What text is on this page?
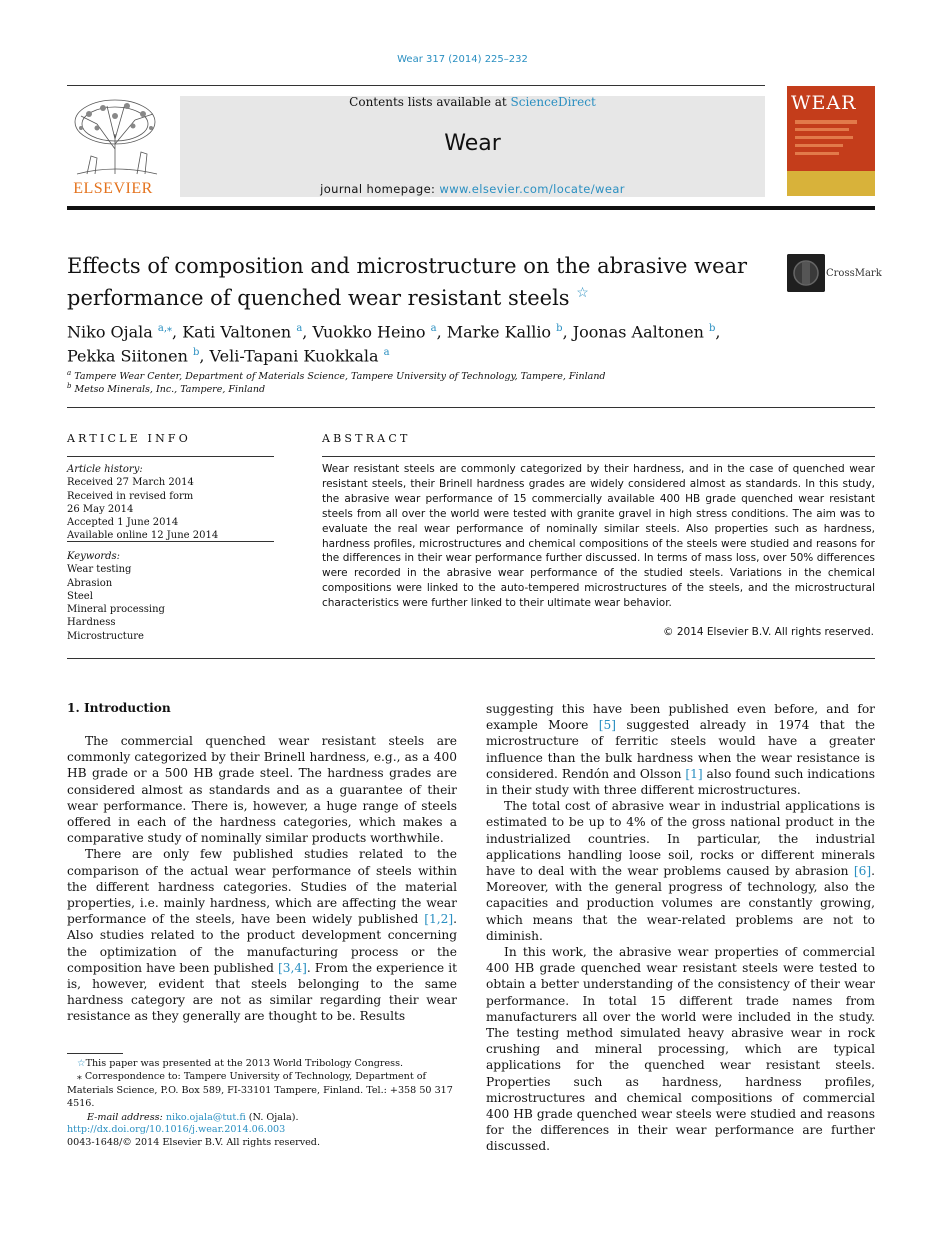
Wear 317 (2014) 225–232
ELSEVIER
Contents lists available at ScienceDirect
Wear
journal homepage: www.elsevier.com/locate/wear
WEAR
Effects of composition and microstructure on the abrasive wear performance of quenched wear resistant steels ☆
CrossMark
Niko Ojala $^{a,⁎}$, Kati Valtonen $^a$, Vuokko Heino $^a$, Marke Kallio $^b$, Joonas Aaltonen $^b$,
Pekka Siitonen $^b$, Veli-Tapani Kuokkala $^a$
$^a$ Tampere Wear Center, Department of Materials Science, Tampere University of Technology, Tampere, Finland
$^b$ Metso Minerals, Inc., Tampere, Finland
ARTICLE INFO	ABSTRACT
Article history:
Received 27 March 2014
Received in revised form
26 May 2014
Accepted 1 June 2014
Available online 12 June 2014
Keywords:
Wear testing
Abrasion
Steel
Mineral processing
Hardness
Microstructure
Wear resistant steels are commonly categorized by their hardness, and in the case of quenched wear resistant steels, their Brinell hardness grades are widely considered almost as standards. In this study, the abrasive wear performance of 15 commercially available 400 HB grade quenched wear resistant steels from all over the world were tested with granite gravel in high stress conditions. The aim was to evaluate the real wear performance of nominally similar steels. Also properties such as hardness, hardness profiles, microstructures and chemical compositions of the steels were studied and reasons for the differences in their wear performance further discussed. In terms of mass loss, over 50% differences were recorded in the abrasive wear performance of the studied steels. Variations in the chemical compositions were linked to the auto-tempered microstructures of the steels, and the microstructural characteristics were further linked to their ultimate wear behavior.
© 2014 Elsevier B.V. All rights reserved.
1. Introduction

The commercial quenched wear resistant steels are commonly categorized by their Brinell hardness, e.g., as a 400 HB grade or a 500 HB grade steel. The hardness grades are considered almost as standards and as a guarantee of their wear performance. There is, however, a huge range of steels offered in each of the hardness categories, which makes a comparative study of nominally similar products worthwhile.

There are only few published studies related to the comparison of the actual wear performance of steels within the different hardness categories. Studies of the material properties, i.e. mainly hardness, which are affecting the wear performance of the steels, have been widely published [1,2]. Also studies related to the product development concerning the optimization of the manufacturing process or the composition have been published [3,4]. From the experience it is, however, evident that steels belonging to the same hardness category are not as similar regarding their wear resistance as they generally are thought to be. Results

suggesting this have been published even before, and for example Moore [5] suggested already in 1974 that the microstructure of ferritic steels would have a greater influence than the bulk hardness when the wear resistance is considered. Rendón and Olsson [1] also found such indications in their study with three different microstructures.

The total cost of abrasive wear in industrial applications is estimated to be up to 4% of the gross national product in the industrialized countries. In particular, the industrial applications handling loose soil, rocks or different minerals have to deal with the wear problems caused by abrasion [6]. Moreover, with the general progress of technology, also the capacities and production volumes are constantly growing, which means that the wear-related problems are not to diminish.

In this work, the abrasive wear properties of commercial 400 HB grade quenched wear resistant steels were tested to obtain a better understanding of the consistency of their wear performance. In total 15 different trade names from manufacturers all over the world were included in the study. The testing method simulated heavy abrasive wear in rock crushing and mineral processing, which are typical applications for the quenched wear resistant steels. Properties such as hardness, hardness profiles, microstructures and chemical compositions of commercial 400 HB grade quenched wear steels were studied and reasons for the differences in their wear performance are further discussed.

☆This paper was presented at the 2013 World Tribology Congress.
⁎ Correspondence to: Tampere University of Technology, Department of Materials Science, P.O. Box 589, FI-33101 Tampere, Finland. Tel.: +358 50 317 4516.
E-mail address: niko.ojala@tut.fi (N. Ojala).
http://dx.doi.org/10.1016/j.wear.2014.06.003
0043-1648/© 2014 Elsevier B.V. All rights reserved.
